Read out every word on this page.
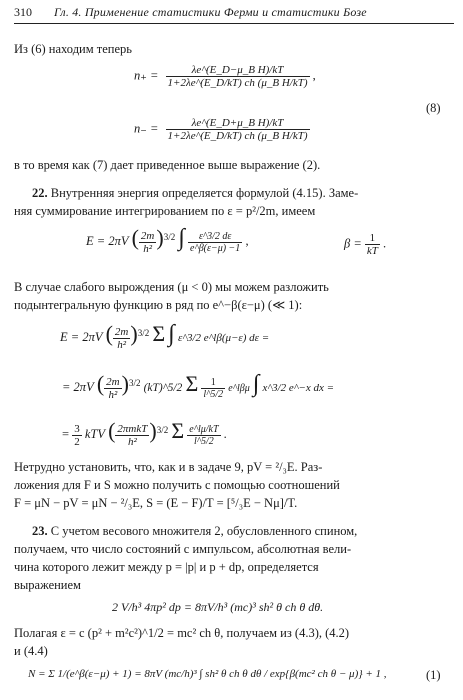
310 Гл. 4. Применение статистики Ферми и статистики Бозе
Из (6) находим теперь
$n_+ = \frac{\text{λe\textasciicircum{}(E\_D−μ\_B H)/kT}}{\text{1+2λe\textasciicircum{}(E\_D/kT) ch (μ\_B H/kT)}}$ ,
(8)
$n_- = \frac{\text{λe\textasciicircum{}(E\_D+μ\_B H)/kT}}{\text{1+2λe\textasciicircum{}(E\_D/kT) ch (μ\_B H/kT)}}$
в то время как (7) дает приведенное выше выражение (2).
22. Внутренняя энергия определяется формулой (4.15). Заме-
няя суммирование интегрированием по ε = p²/2m, имеем
E = 2πV ( $\frac{2m}{\text{h²}} )^{3/2}$ ∫ $\frac{\varepsilon\^{}3/2 d\varepsilon}{e\^{}\beta(\varepsilon-\mu) -1}$ ,	$\beta = \frac{1}{kT}$ .
В случае слабого вырождения (μ < 0) мы можем разложить
подынтегральную функцию в ряд по e^−β(ε−μ) (≪ 1):
E = 2πV ( $\frac{2m}{\text{h²}} )^{3/2}$ Σ ∫ ε^3/2 e^lβ(μ−ε) dε =
= 2πV ( $\frac{2m}{\text{h²}} )^{3/2}$ (kT)^5/2 Σ $\frac{1}{l\^{}5/2}$ e^lβμ ∫ x^3/2 e^−x dx =
= $\frac{3}{2}$ kTV ( $\frac{\text{2πmkT}}{\text{h²}} )^{3/2}$ Σ $\frac{e\^{}l\mu/kT}{l\^{}5/2}$ .
Нетрудно установить, что, как и в задаче 9, pV = ²/₃E. Раз-
ложения для F и S можно получить с помощью соотношений
F = μN − pV = μN − ²/₃E, S = (E − F)/T = [⁵/₃E − Nμ]/T.
23. С учетом весового множителя 2, обусловленного спином,
получаем, что число состояний с импульсом, абсолютная вели-
чина которого лежит между p = |p| и p + dp, определяется
выражением
2 V/h³ 4πp² dp = 8πV/h³ (mc)³ sh² θ ch θ dθ.
Полагая ε = c (p² + m²c²)^1/2 = mc² ch θ, получаем из (4.3), (4.2)
и (4.4)
N = Σ 1/(e^β(ε−μ) + 1) = 8πV (mc/h)³ ∫ sh² θ ch θ dθ / exp{β(mc² ch θ − μ)} + 1 ,	(1)
